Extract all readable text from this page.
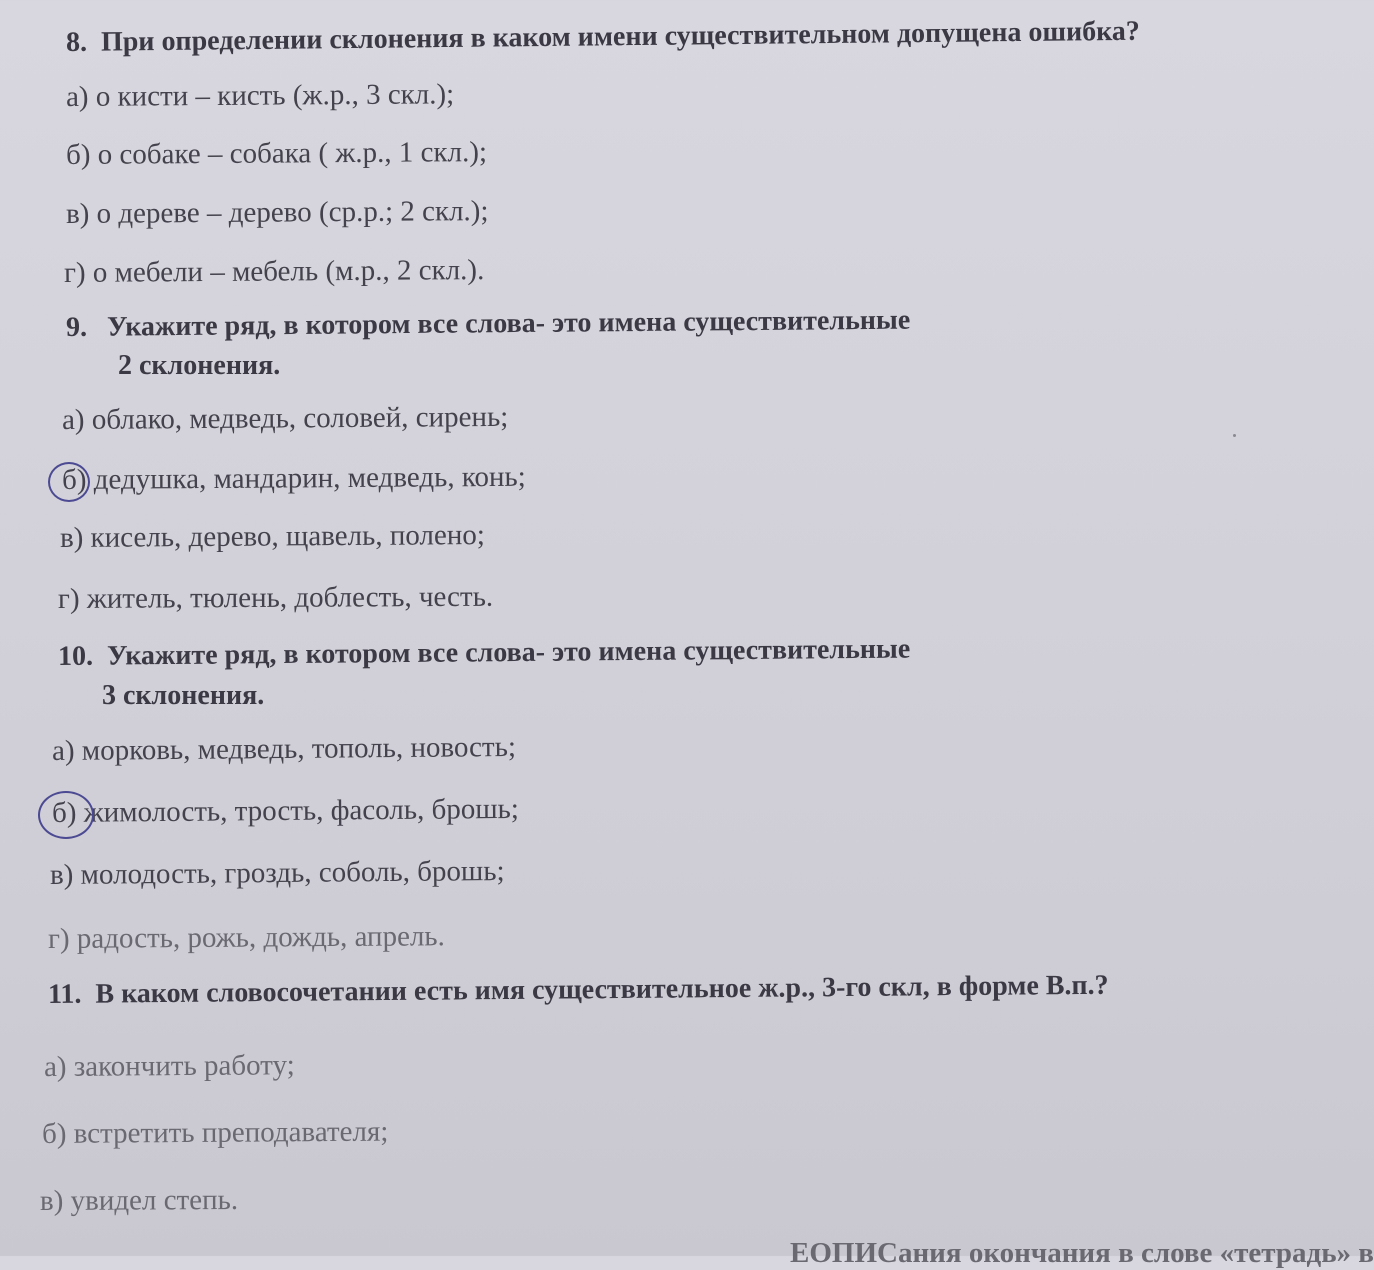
8. При определении склонения в каком имени существительном допущена ошибка?
а) о кисти – кисть (ж.р., 3 скл.);
б) о собаке – собака ( ж.р., 1 скл.);
в) о дереве – дерево (ср.р.; 2 скл.);
г) о мебели – мебель (м.р., 2 скл.).
9. Укажите ряд, в котором все слова- это имена существительные
2 склонения.
а) облако, медведь, соловей, сирень;
б) дедушка, мандарин, медведь, конь;
в) кисель, дерево, щавель, полено;
г) житель, тюлень, доблесть, честь.
10. Укажите ряд, в котором все слова- это имена существительные
3 склонения.
а) морковь, медведь, тополь, новость;
б) жимолость, трость, фасоль, брошь;
в) молодость, гроздь, соболь, брошь;
г) радость, рожь, дождь, апрель.
11. В каком словосочетании есть имя существительное ж.р., 3-го скл, в форме В.п.?
а) закончить работу;
б) встретить преподавателя;
в) увидел степь.
ЕОПИСания окончания в слове «тетрадь» в
